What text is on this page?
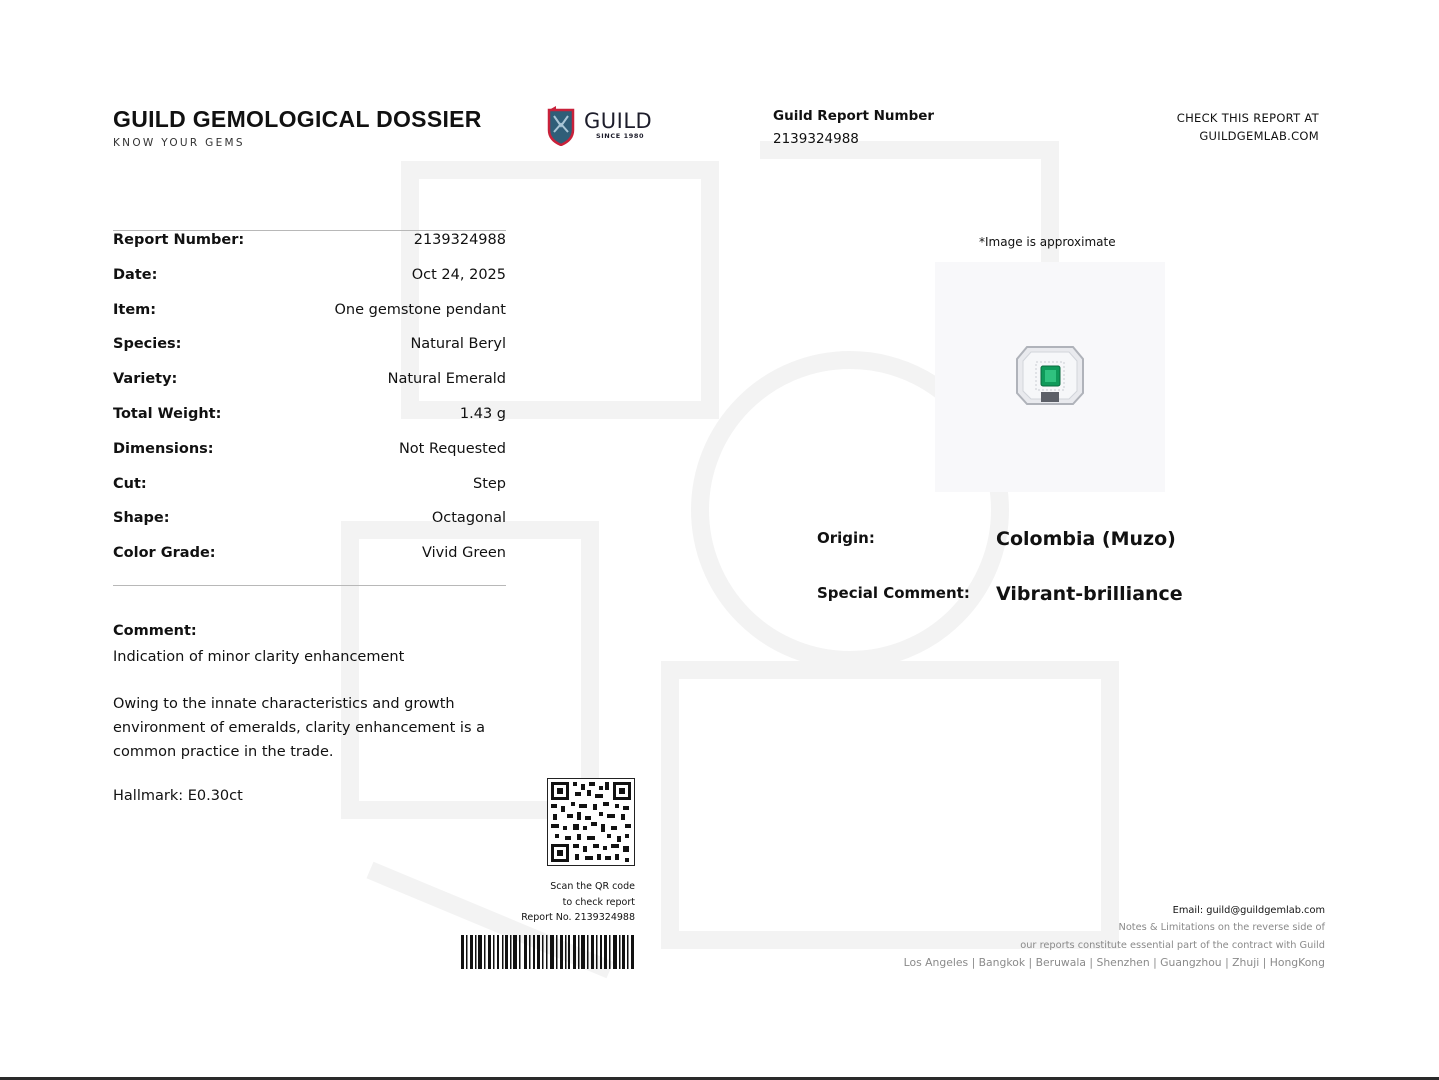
GUILD GEMOLOGICAL DOSSIER
KNOW YOUR GEMS
GUILD
SINCE 1980
Guild Report Number
2139324988
CHECK THIS REPORT AT
GUILDGEMLAB.COM
Report Number:	2139324988
Date:	Oct 24, 2025
Item:	One gemstone pendant
Species:	Natural Beryl
Variety:	Natural Emerald
Total Weight:	1.43 g
Dimensions:	Not Requested
Cut:	Step
Shape:	Octagonal
Color Grade:	Vivid Green
Comment:
Indication of minor clarity enhancement

Owing to the innate characteristics and growth environment of emeralds, clarity enhancement is a common practice in the trade.

Hallmark: E0.30ct
*Image is approximate
Origin:	Colombia (Muzo)
Special Comment: Vibrant-brilliance
Scan the QR code
to check report
Report No. 2139324988
Email: guild@guildgemlab.com
Notes & Limitations on the reverse side of
our reports constitute essential part of the contract with Guild
Los Angeles | Bangkok | Beruwala | Shenzhen | Guangzhou | Zhuji | HongKong
